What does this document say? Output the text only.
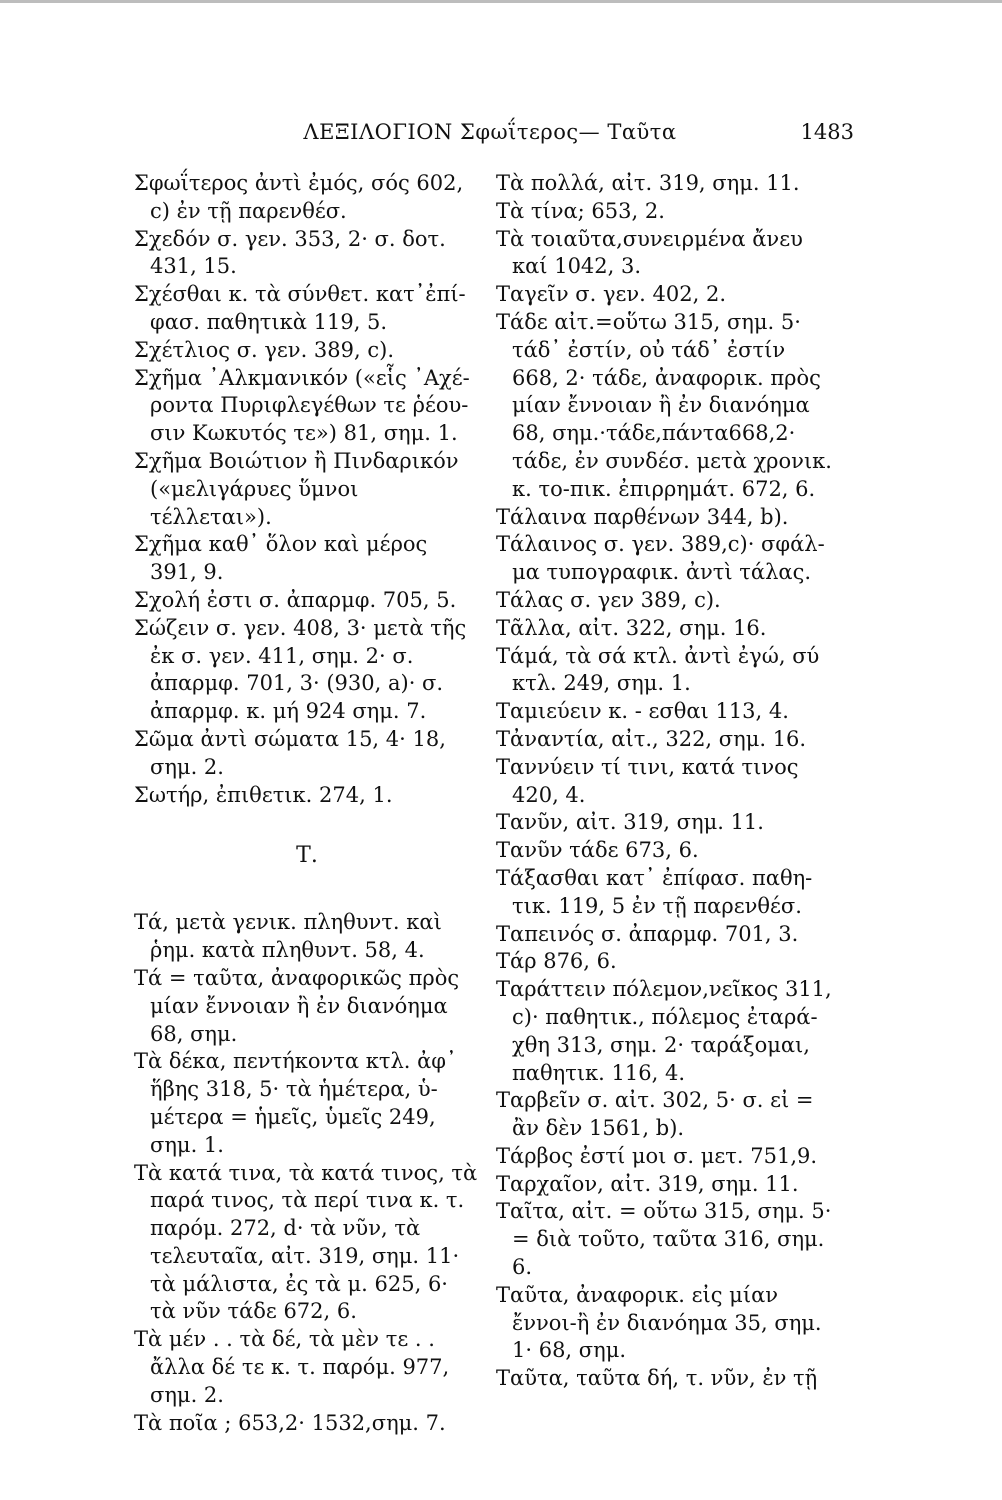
ΛΕΞΙΛΟΓΙΟΝ Σφωΐτερος— Ταῦτα	1483

Σφωΐτερος ἀντὶ ἐμός, σός 602, c) ἐν τῇ παρενθέσ.

Σχεδόν σ. γεν. 353, 2· σ. δοτ. 431, 15.

Σχέσθαι κ. τὰ σύνθετ. κατ᾿ἐπί-φασ. παθητικὰ 119, 5.

Σχέτλιος σ. γεν. 389, c).

Σχῆμα ᾿Αλκμανικόν («εἷς ᾿Αχέ-ροντα Πυριφλεγέθων τε ῥέου-σιν Κωκυτός τε») 81, σημ. 1.

Σχῆμα Βοιώτιον ἢ Πινδαρικόν («μελιγάρυες ὕμνοι τέλλεται»).

Σχῆμα καθ᾿ ὅλον καὶ μέρος 391, 9.

Σχολή ἐστι σ. ἀπαρμφ. 705, 5.

Σώζειν σ. γεν. 408, 3· μετὰ τῆς ἐκ σ. γεν. 411, σημ. 2· σ. ἀπαρμφ. 701, 3· (930, a)· σ. ἀπαρμφ. κ. μή 924 σημ. 7.

Σῶμα ἀντὶ σώματα 15, 4· 18, σημ. 2.

Σωτήρ, ἐπιθετικ. 274, 1.

Τ.

Τά, μετὰ γενικ. πληθυντ. καὶ ῥημ. κατὰ πληθυντ. 58, 4.

Τά = ταῦτα, ἀναφορικῶς πρὸς μίαν ἔννοιαν ἢ ἐν διανόημα 68, σημ.

Τὰ δέκα, πεντήκοντα κτλ. ἀφ᾿ ἥβης 318, 5· τὰ ἡμέτερα, ὑ-μέτερα = ἡμεῖς, ὑμεῖς 249, σημ. 1.

Τὰ κατά τινα, τὰ κατά τινος, τὰ παρά τινος, τὰ περί τινα κ. τ. παρόμ. 272, d· τὰ νῦν, τὰ τελευταῖα, αἰτ. 319, σημ. 11· τὰ μάλιστα, ἐς τὰ μ. 625, 6· τὰ νῦν τάδε 672, 6.

Τὰ μέν . . τὰ δέ, τὰ μὲν τε . . ἄλλα δέ τε κ. τ. παρόμ. 977, σημ. 2.

Τὰ ποῖα ; 653,2· 1532,σημ. 7.

Τὰ πολλά, αἰτ. 319, σημ. 11.

Τὰ τίνα; 653, 2.

Τὰ τοιαῦτα,συνειρμένα ἄνευ καί 1042, 3.

Ταγεῖν σ. γεν. 402, 2.

Τάδε αἰτ.=οὕτω 315, σημ. 5· τάδ᾿ ἐστίν, οὐ τάδ᾿ ἐστίν 668, 2· τάδε, ἀναφορικ. πρὸς μίαν ἔννοιαν ἢ ἐν διανόημα 68, σημ.·τάδε,πάντα668,2· τάδε, ἐν συνδέσ. μετὰ χρονικ. κ. το-πικ. ἐπιρρημάτ. 672, 6.

Τάλαινα παρθένων 344, b).

Τάλαινος σ. γεν. 389,c)· σφάλ-μα τυπογραφικ. ἀντὶ τάλας.

Τάλας σ. γεν 389, c).

Τᾶλλα, αἰτ. 322, σημ. 16.

Τάμά, τὰ σά κτλ. ἀντὶ ἐγώ, σύ κτλ. 249, σημ. 1.

Ταμιεύειν κ. - εσθαι 113, 4.

Τἀναντία, αἰτ., 322, σημ. 16.

Ταννύειν τί τινι, κατά τινος 420, 4.

Τανῦν, αἰτ. 319, σημ. 11.

Τανῦν τάδε 673, 6.

Τάξασθαι κατ᾿ ἐπίφασ. παθη-τικ. 119, 5 ἐν τῇ παρενθέσ.

Ταπεινός σ. ἀπαρμφ. 701, 3.

Τάρ 876, 6.

Ταράττειν πόλεμον,νεῖκος 311, c)· παθητικ., πόλεμος ἐταρά-χθη 313, σημ. 2· ταράξομαι, παθητικ. 116, 4.

Ταρβεῖν σ. αἰτ. 302, 5· σ. εἰ = ἂν δὲν 1561, b).

Τάρβος ἐστί μοι σ. μετ. 751,9.

Ταρχαῖον, αἰτ. 319, σημ. 11.

Ταῖτα, αἰτ. = οὕτω 315, σημ. 5· = διὰ τοῦτο, ταῦτα 316, σημ. 6.

Ταῦτα, ἀναφορικ. εἰς μίαν ἔννοι-ἢ ἐν διανόημα 35, σημ. 1· 68, σημ.

Ταῦτα, ταῦτα δή, τ. νῦν, ἐν τῇ
